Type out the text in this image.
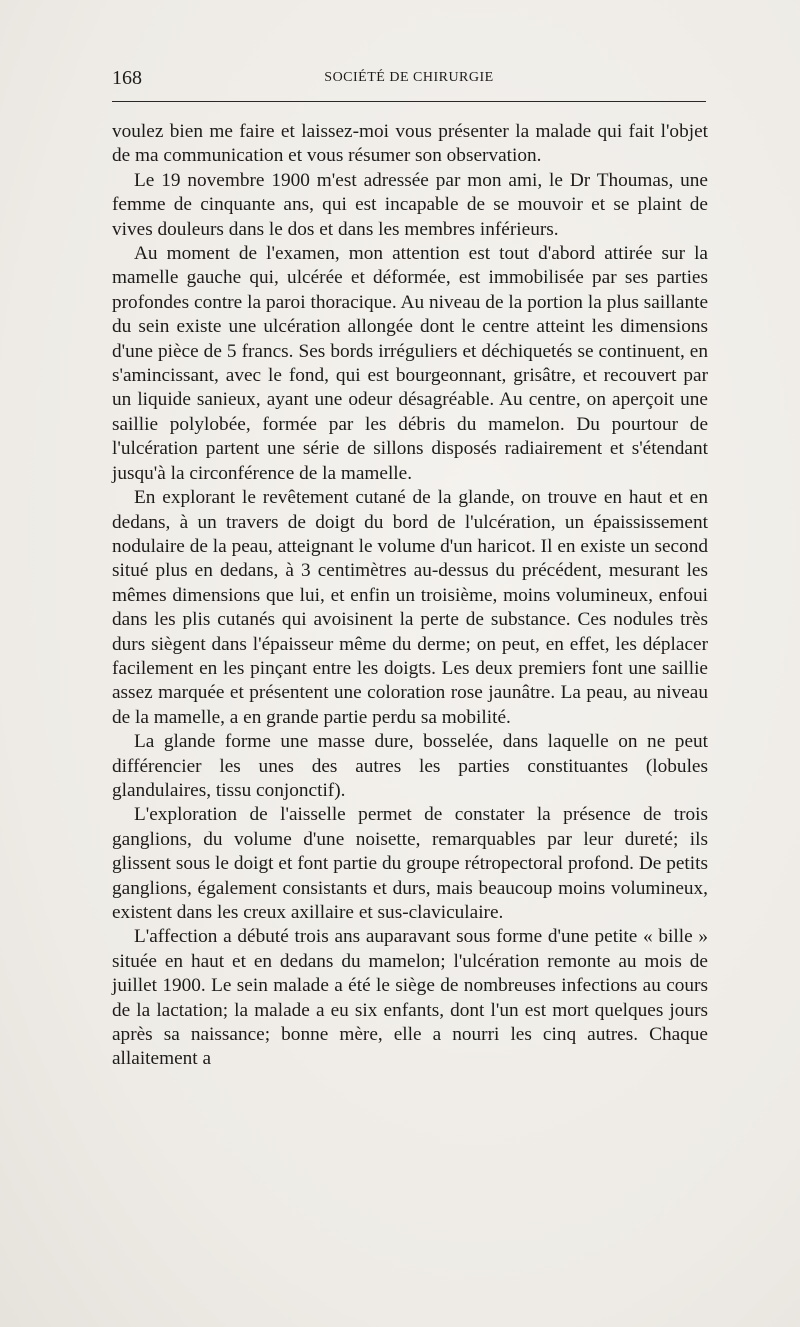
168	SOCIÉTÉ DE CHIRURGIE

voulez bien me faire et laissez-moi vous présenter la malade qui fait l'objet de ma communication et vous résumer son observation.

Le 19 novembre 1900 m'est adressée par mon ami, le Dr Thoumas, une femme de cinquante ans, qui est incapable de se mouvoir et se plaint de vives douleurs dans le dos et dans les membres inférieurs.

Au moment de l'examen, mon attention est tout d'abord attirée sur la mamelle gauche qui, ulcérée et déformée, est immobilisée par ses parties profondes contre la paroi thoracique. Au niveau de la portion la plus saillante du sein existe une ulcération allongée dont le centre atteint les dimensions d'une pièce de 5 francs. Ses bords irréguliers et déchiquetés se continuent, en s'amincissant, avec le fond, qui est bourgeonnant, grisâtre, et recouvert par un liquide sanieux, ayant une odeur désagréable. Au centre, on aperçoit une saillie polylobée, formée par les débris du mamelon. Du pourtour de l'ulcération partent une série de sillons disposés radiairement et s'étendant jusqu'à la circonférence de la mamelle.

En explorant le revêtement cutané de la glande, on trouve en haut et en dedans, à un travers de doigt du bord de l'ulcération, un épaississement nodulaire de la peau, atteignant le volume d'un haricot. Il en existe un second situé plus en dedans, à 3 centimètres au-dessus du précédent, mesurant les mêmes dimensions que lui, et enfin un troisième, moins volumineux, enfoui dans les plis cutanés qui avoisinent la perte de substance. Ces nodules très durs siègent dans l'épaisseur même du derme; on peut, en effet, les déplacer facilement en les pinçant entre les doigts. Les deux premiers font une saillie assez marquée et présentent une coloration rose jaunâtre. La peau, au niveau de la mamelle, a en grande partie perdu sa mobilité.

La glande forme une masse dure, bosselée, dans laquelle on ne peut différencier les unes des autres les parties constituantes (lobules glandulaires, tissu conjonctif).

L'exploration de l'aisselle permet de constater la présence de trois ganglions, du volume d'une noisette, remarquables par leur dureté; ils glissent sous le doigt et font partie du groupe rétropectoral profond. De petits ganglions, également consistants et durs, mais beaucoup moins volumineux, existent dans les creux axillaire et sus-claviculaire.

L'affection a débuté trois ans auparavant sous forme d'une petite « bille » située en haut et en dedans du mamelon; l'ulcération remonte au mois de juillet 1900. Le sein malade a été le siège de nombreuses infections au cours de la lactation; la malade a eu six enfants, dont l'un est mort quelques jours après sa naissance; bonne mère, elle a nourri les cinq autres. Chaque allaitement a
